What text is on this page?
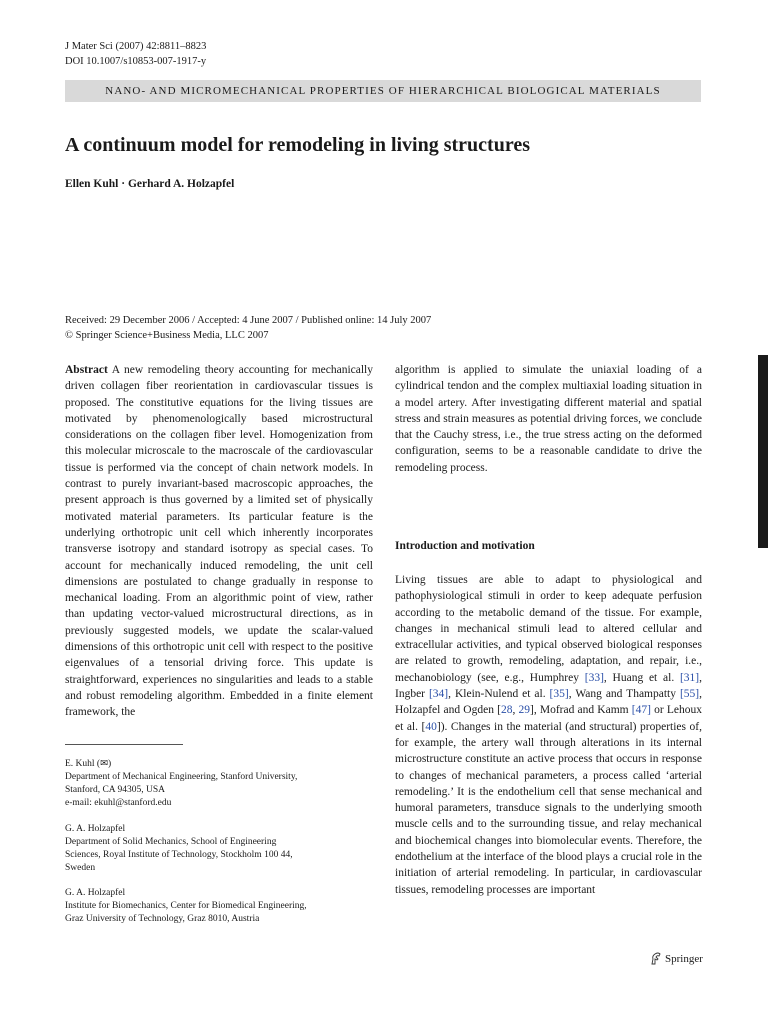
J Mater Sci (2007) 42:8811–8823
DOI 10.1007/s10853-007-1917-y
NANO- AND MICROMECHANICAL PROPERTIES OF HIERARCHICAL BIOLOGICAL MATERIALS
A continuum model for remodeling in living structures
Ellen Kuhl · Gerhard A. Holzapfel
Received: 29 December 2006 / Accepted: 4 June 2007 / Published online: 14 July 2007
© Springer Science+Business Media, LLC 2007
Abstract A new remodeling theory accounting for mechanically driven collagen fiber reorientation in cardiovascular tissues is proposed. The constitutive equations for the living tissues are motivated by phenomenologically based microstructural considerations on the collagen fiber level. Homogenization from this molecular microscale to the macroscale of the cardiovascular tissue is performed via the concept of chain network models. In contrast to purely invariant-based macroscopic approaches, the present approach is thus governed by a limited set of physically motivated material parameters. Its particular feature is the underlying orthotropic unit cell which inherently incorporates transverse isotropy and standard isotropy as special cases. To account for mechanically induced remodeling, the unit cell dimensions are postulated to change gradually in response to mechanical loading. From an algorithmic point of view, rather than updating vector-valued microstructural directions, as in previously suggested models, we update the scalar-valued dimensions of this orthotropic unit cell with respect to the positive eigenvalues of a tensorial driving force. This update is straightforward, experiences no singularities and leads to a stable and robust remodeling algorithm. Embedded in a finite element framework, the
algorithm is applied to simulate the uniaxial loading of a cylindrical tendon and the complex multiaxial loading situation in a model artery. After investigating different material and spatial stress and strain measures as potential driving forces, we conclude that the Cauchy stress, i.e., the true stress acting on the deformed configuration, seems to be a reasonable candidate to drive the remodeling process.
Introduction and motivation
Living tissues are able to adapt to physiological and pathophysiological stimuli in order to keep adequate perfusion according to the metabolic demand of the tissue. For example, changes in mechanical stimuli lead to altered cellular and extracellular activities, and typical observed biological responses are related to growth, remodeling, adaptation, and repair, i.e., mechanobiology (see, e.g., Humphrey [33], Huang et al. [31], Ingber [34], Klein-Nulend et al. [35], Wang and Thampatty [55], Holzapfel and Ogden [28, 29], Mofrad and Kamm [47] or Lehoux et al. [40]). Changes in the material (and structural) properties of, for example, the artery wall through alterations in its internal microstructure constitute an active process that occurs in response to changes of mechanical parameters, a process called ‘arterial remodeling.’ It is the endothelium cell that sense mechanical and humoral parameters, transduce signals to the underlying smooth muscle cells and to the surrounding tissue, and relay mechanical and biochemical changes into biomolecular events. Therefore, the endothelium at the interface of the blood plays a crucial role in the initiation of arterial remodeling. In particular, in cardiovascular tissues, remodeling processes are important
E. Kuhl (✉)
Department of Mechanical Engineering, Stanford University,
Stanford, CA 94305, USA
e-mail: ekuhl@stanford.edu
G. A. Holzapfel
Department of Solid Mechanics, School of Engineering
Sciences, Royal Institute of Technology, Stockholm 100 44,
Sweden
G. A. Holzapfel
Institute for Biomechanics, Center for Biomedical Engineering,
Graz University of Technology, Graz 8010, Austria
Springer
